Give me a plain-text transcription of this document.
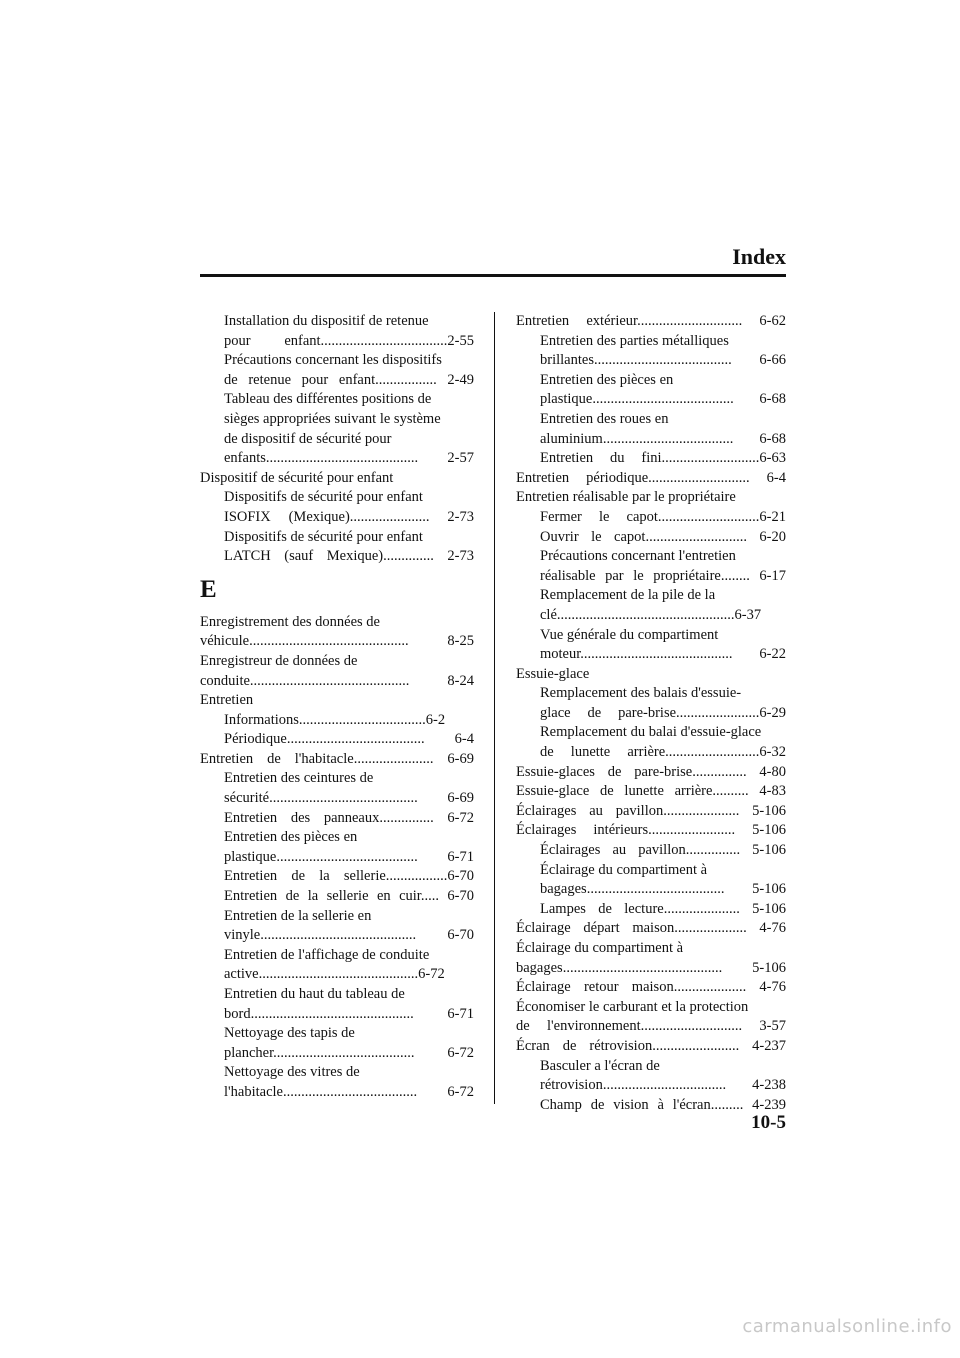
Index
Installation du dispositif de retenue
pour enfant...................................2-55
Précautions concernant les dispositifs
de retenue pour enfant................. 2-49
Tableau des différentes positions de
sièges appropriées suivant le système
de dispositif de sécurité pour
enfants.......................................... 2-57
Dispositif de sécurité pour enfant
Dispositifs de sécurité pour enfant
ISOFIX (Mexique)...................... 2-73
Dispositifs de sécurité pour enfant
LATCH (sauf Mexique).............. 2-73
E
Enregistrement des données de
véhicule............................................ 8-25
Enregistreur de données de
conduite............................................ 8-24
Entretien
Informations...................................6-2
Périodique...................................... 6-4
Entretien de l'habitacle...................... 6-69
Entretien des ceintures de
sécurité......................................... 6-69
Entretien des panneaux............... 6-72
Entretien des pièces en
plastique....................................... 6-71
Entretien de la sellerie.................6-70
Entretien de la sellerie en cuir..... 6-70
Entretien de la sellerie en
vinyle........................................... 6-70
Entretien de l'affichage de conduite
active............................................6-72
Entretien du haut du tableau de
bord............................................. 6-71
Nettoyage des tapis de
plancher....................................... 6-72
Nettoyage des vitres de
l'habitacle..................................... 6-72
Entretien extérieur............................. 6-62
Entretien des parties métalliques
brillantes...................................... 6-66
Entretien des pièces en
plastique....................................... 6-68
Entretien des roues en
aluminium.................................... 6-68
Entretien du fini...........................6-63
Entretien périodique............................ 6-4
Entretien réalisable par le propriétaire
Fermer le capot............................6-21
Ouvrir le capot............................ 6-20
Précautions concernant l'entretien
réalisable par le propriétaire........ 6-17
Remplacement de la pile de la
clé.................................................6-37
Vue générale du compartiment
moteur.......................................... 6-22
Essuie-glace
Remplacement des balais d'essuie-
glace de pare-brise.......................6-29
Remplacement du balai d'essuie-glace
de lunette arrière..........................6-32
Essuie-glaces de pare-brise............... 4-80
Essuie-glace de lunette arrière.......... 4-83
Éclairages au pavillon..................... 5-106
Éclairages intérieurs........................ 5-106
Éclairages au pavillon............... 5-106
Éclairage du compartiment à
bagages...................................... 5-106
Lampes de lecture..................... 5-106
Éclairage départ maison.................... 4-76
Éclairage du compartiment à
bagages............................................ 5-106
Éclairage retour maison.................... 4-76
Économiser le carburant et la protection
de l'environnement............................ 3-57
Écran de rétrovision........................ 4-237
Basculer a l'écran de
rétrovision.................................. 4-238
Champ de vision à l'écran......... 4-239
10-5
carmanualsonline.info
